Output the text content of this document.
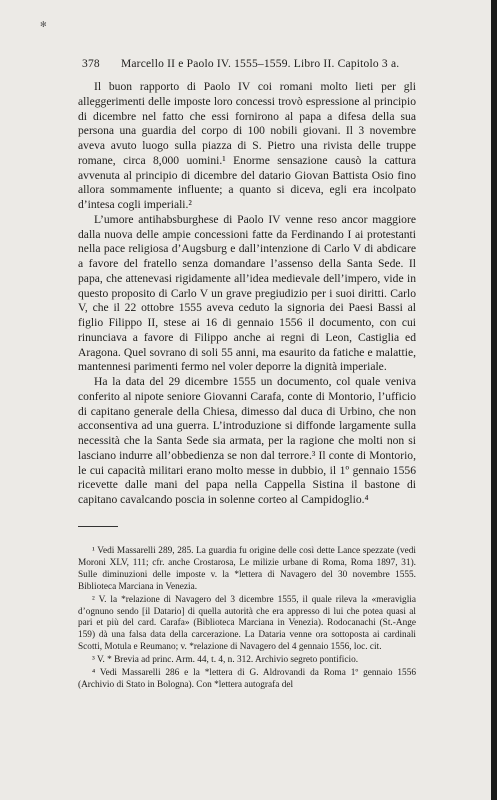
✻
378 Marcello II e Paolo IV. 1555–1559. Libro II. Capitolo 3 a.

Il buon rapporto di Paolo IV coi romani molto lieti per gli alleggerimenti delle imposte loro concessi trovò espressione al principio di dicembre nel fatto che essi fornirono al papa a difesa della sua persona una guardia del corpo di 100 nobili giovani. Il 3 novembre aveva avuto luogo sulla piazza di S. Pietro una rivista delle truppe romane, circa 8,000 uomini.¹ Enorme sensazione causò la cattura avvenuta al principio di dicembre del datario Giovan Battista Osio fino allora sommamente influente; a quanto si diceva, egli era incolpato d’intesa cogli imperiali.²

L’umore antihabsburghese di Paolo IV venne reso ancor maggiore dalla nuova delle ampie concessioni fatte da Ferdinando I ai protestanti nella pace religiosa d’Augsburg e dall’intenzione di Carlo V di abdicare a favore del fratello senza domandare l’assenso della Santa Sede. Il papa, che attenevasi rigidamente all’idea medievale dell’impero, vide in questo proposito di Carlo V un grave pregiudizio per i suoi diritti. Carlo V, che il 22 ottobre 1555 aveva ceduto la signoria dei Paesi Bassi al figlio Filippo II, stese ai 16 di gennaio 1556 il documento, con cui rinunciava a favore di Filippo anche ai regni di Leon, Castiglia ed Aragona. Quel sovrano di soli 55 anni, ma esaurito da fatiche e malattie, mantennesi parimenti fermo nel voler deporre la dignità imperiale.

Ha la data del 29 dicembre 1555 un documento, col quale veniva conferito al nipote seniore Giovanni Carafa, conte di Montorio, l’ufficio di capitano generale della Chiesa, dimesso dal duca di Urbino, che non acconsentiva ad una guerra. L’introduzione si diffonde largamente sulla necessità che la Santa Sede sia armata, per la ragione che molti non si lasciano indurre all’obbedienza se non dal terrore.³ Il conte di Montorio, le cui capacità militari erano molto messe in dubbio, il 1º gennaio 1556 ricevette dalle mani del papa nella Cappella Sistina il bastone di capitano cavalcando poscia in solenne corteo al Campidoglio.⁴

¹ Vedi Massarelli 289, 285. La guardia fu origine delle così dette Lance spezzate (vedi Moroni XLV, 111; cfr. anche Crostarosa, Le milizie urbane di Roma, Roma 1897, 31). Sulle diminuzioni delle imposte v. la *lettera di Navagero del 30 novembre 1555. Biblioteca Marciana in Venezia.

² V. la *relazione di Navagero del 3 dicembre 1555, il quale rileva la «meraviglia d’ognuno sendo [il Datario] di quella autorità che era appresso di lui che potea quasi al pari et più del card. Carafa» (Biblioteca Marciana in Venezia). Rodocanachi (St.-Ange 159) dà una falsa data della carcerazione. La Dataria venne ora sottoposta ai cardinali Scotti, Motula e Reumano; v. *relazione di Navagero del 4 gennaio 1556, loc. cit.

³ V. * Brevia ad princ. Arm. 44, t. 4, n. 312. Archivio segreto pontificio.

⁴ Vedi Massarelli 286 e la *lettera di G. Aldrovandi da Roma 1º gennaio 1556 (Archivio di Stato in Bologna). Con *lettera autografa del
